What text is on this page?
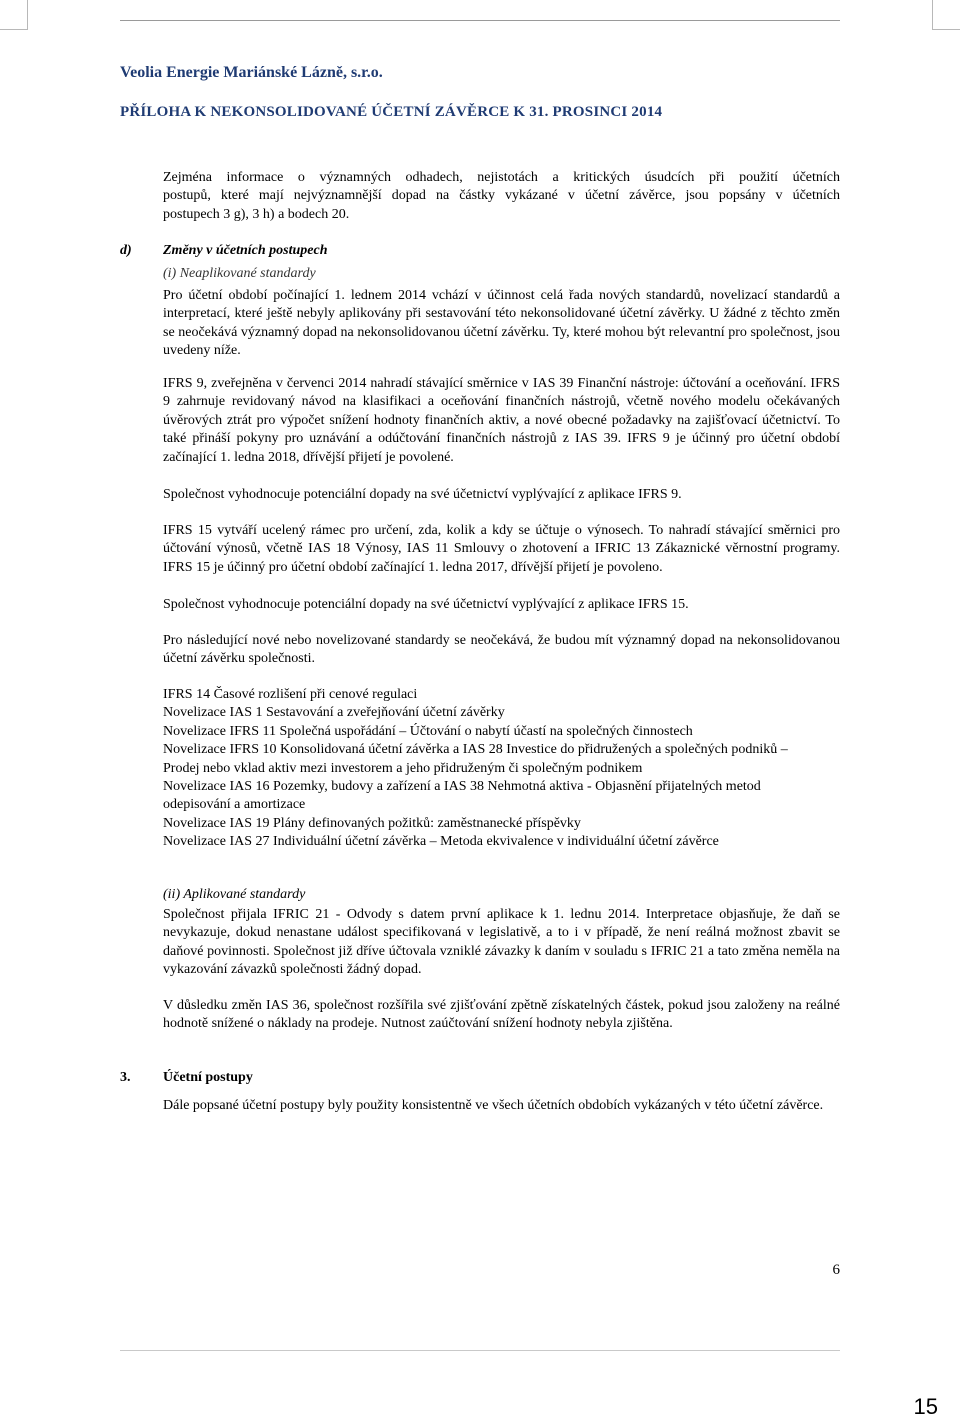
Veolia Energie Mariánské Lázně, s.r.o.
PŘÍLOHA K NEKONSOLIDOVANÉ ÚČETNÍ ZÁVĚRCE K 31. PROSINCI 2014
Zejména informace o významných odhadech, nejistotách a kritických úsudcích při použití účetních
postupů, které mají nejvýznamnější dopad na částky vykázané v účetní závěrce, jsou popsány v účetních
postupech 3 g), 3 h) a bodech 20.
d) Změny v účetních postupech
(i) Neaplikované standardy

Pro účetní období počínající 1. lednem 2014 vchází v účinnost celá řada nových standardů, novelizací standardů a interpretací, které ještě nebyly aplikovány při sestavování této nekonsolidované účetní závěrky. U žádné z těchto změn se neočekává významný dopad na nekonsolidovanou účetní závěrku. Ty, které mohou být relevantní pro společnost, jsou uvedeny níže.

IFRS 9, zveřejněna v červenci 2014 nahradí stávající směrnice v IAS 39 Finanční nástroje: účtování a oceňování. IFRS 9 zahrnuje revidovaný návod na klasifikaci a oceňování finančních nástrojů, včetně nového modelu očekávaných úvěrových ztrát pro výpočet snížení hodnoty finančních aktiv, a nové obecné požadavky na zajišťovací účetnictví. To také přináší pokyny pro uznávání a odúčtování finančních nástrojů z IAS 39. IFRS 9 je účinný pro účetní období začínající 1. ledna 2018, dřívější přijetí je povolené.

Společnost vyhodnocuje potenciální dopady na své účetnictví vyplývající z aplikace IFRS 9.

IFRS 15 vytváří ucelený rámec pro určení, zda, kolik a kdy se účtuje o výnosech. To nahradí stávající směrnici pro účtování výnosů, včetně IAS 18 Výnosy, IAS 11 Smlouvy o zhotovení a IFRIC 13 Zákaznické věrnostní programy. IFRS 15 je účinný pro účetní období začínající 1. ledna 2017, dřívější přijetí je povoleno.

Společnost vyhodnocuje potenciální dopady na své účetnictví vyplývající z aplikace IFRS 15.

Pro následující nové nebo novelizované standardy se neočekává, že budou mít významný dopad na nekonsolidovanou účetní závěrku společnosti.

IFRS 14 Časové rozlišení při cenové regulaci
Novelizace IAS 1 Sestavování a zveřejňování účetní závěrky
Novelizace IFRS 11 Společná uspořádání – Účtování o nabytí účastí na společných činnostech
Novelizace IFRS 10 Konsolidovaná účetní závěrka a IAS 28 Investice do přidružených a společných podniků – Prodej nebo vklad aktiv mezi investorem a jeho přidruženým či společným podnikem
Novelizace IAS 16 Pozemky, budovy a zařízení a IAS 38 Nehmotná aktiva - Objasnění přijatelných metod odepisování a amortizace
Novelizace IAS 19 Plány definovaných požitků: zaměstnanecké příspěvky
Novelizace IAS 27 Individuální účetní závěrka – Metoda ekvivalence v individuální účetní závěrce
(ii) Aplikované standardy

Společnost přijala IFRIC 21 - Odvody s datem první aplikace k 1. lednu 2014. Interpretace objasňuje, že daň se nevykazuje, dokud nenastane událost specifikovaná v legislativě, a to i v případě, že není reálná možnost zbavit se daňové povinnosti. Společnost již dříve účtovala vzniklé závazky k daním v souladu s IFRIC 21 a tato změna neměla na vykazování závazků společnosti žádný dopad.

V důsledku změn IAS 36, společnost rozšířila své zjišťování zpětně získatelných částek, pokud jsou založeny na reálné hodnotě snížené o náklady na prodeje. Nutnost zaúčtování snížení hodnoty nebyla zjištěna.

3. Účetní postupy

Dále popsané účetní postupy byly použity konsistentně ve všech účetních obdobích vykázaných v této účetní závěrce.

6
15
